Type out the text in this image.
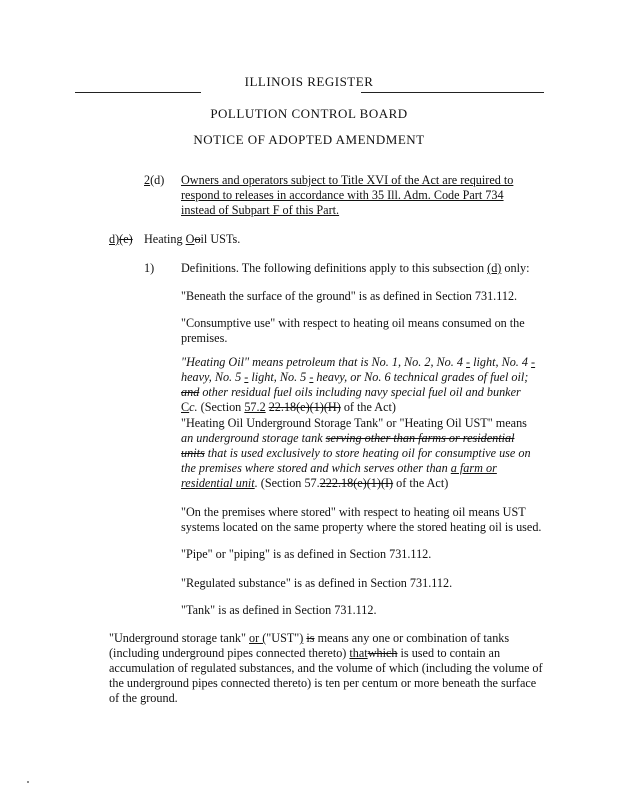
ILLINOIS REGISTER
POLLUTION CONTROL BOARD
NOTICE OF ADOPTED AMENDMENT
2(d) Owners and operators subject to Title XVI of the Act are required to respond to releases in accordance with 35 Ill. Adm. Code Part 734 instead of Subpart F of this Part.
d)(e) Heating Ooil USTs.
1) Definitions. The following definitions apply to this subsection (d) only:
"Beneath the surface of the ground" is as defined in Section 731.112.
"Consumptive use" with respect to heating oil means consumed on the premises.
"Heating Oil" means petroleum that is No. 1, No. 2, No. 4 - light, No. 4 - heavy, No. 5 - light, No. 5 - heavy, or No. 6 technical grades of fuel oil; and other residual fuel oils including navy special fuel oil and bunker Cc. (Section 57.2 22.18(e)(1)(H) of the Act)
"Heating Oil Underground Storage Tank" or "Heating Oil UST" means an underground storage tank serving other than farms or residential units that is used exclusively to store heating oil for consumptive use on the premises where stored and which serves other than a farm or residential unit. (Section 57.222.18(e)(1)(I) of the Act)
"On the premises where stored" with respect to heating oil means UST systems located on the same property where the stored heating oil is used.
"Pipe" or "piping" is as defined in Section 731.112.
"Regulated substance" is as defined in Section 731.112.
"Tank" is as defined in Section 731.112.
"Underground storage tank" or ("UST") is means any one or combination of tanks (including underground pipes connected thereto) thatwhich is used to contain an accumulation of regulated substances, and the volume of which (including the volume of the underground pipes connected thereto) is ten per centum or more beneath the surface of the ground.
